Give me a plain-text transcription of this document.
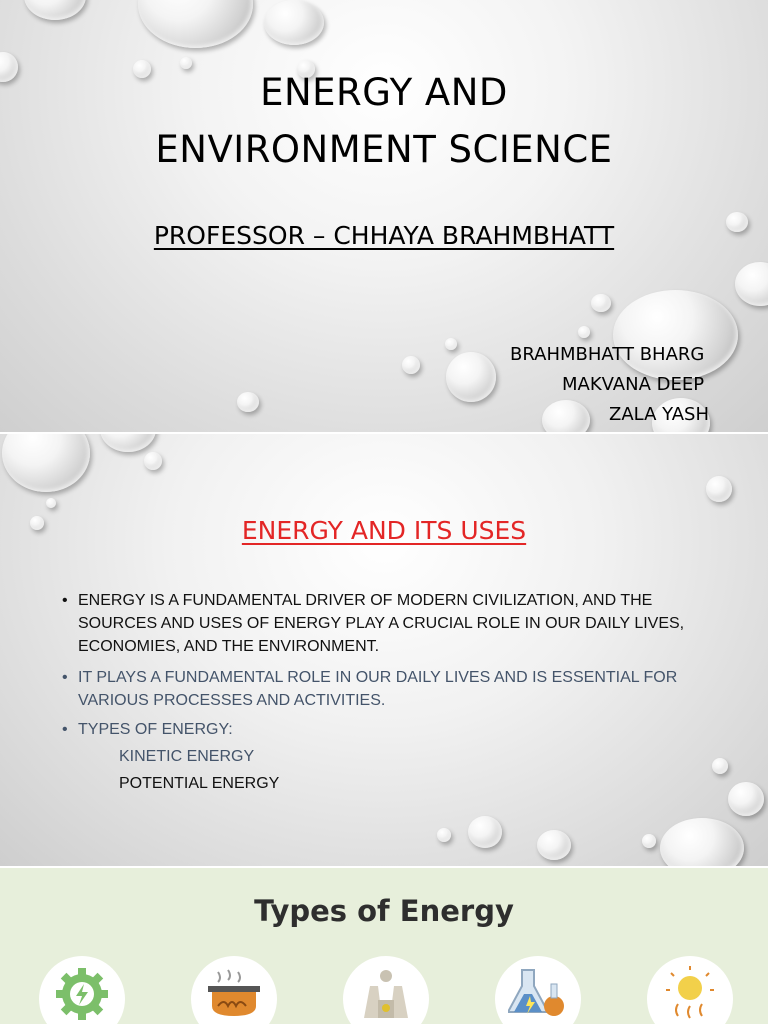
ENERGY AND
ENVIRONMENT SCIENCE
PROFESSOR – CHHAYA BRAHMBHATT
BRAHMBHATT BHARG
MAKVANA DEEP
ZALA YASH
ENERGY AND ITS USES
• ENERGY IS A FUNDAMENTAL DRIVER OF MODERN CIVILIZATION, AND THE SOURCES AND USES OF ENERGY PLAY A CRUCIAL ROLE IN OUR DAILY LIVES, ECONOMIES, AND THE ENVIRONMENT.
• IT PLAYS A FUNDAMENTAL ROLE IN OUR DAILY LIVES AND IS ESSENTIAL FOR VARIOUS PROCESSES AND ACTIVITIES.
• TYPES OF ENERGY:
KINETIC ENERGY
POTENTIAL ENERGY
Types of Energy
